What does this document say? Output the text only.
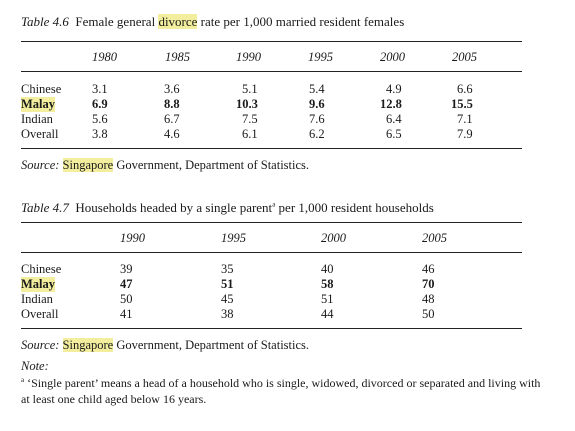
Table 4.6 Female general divorce rate per 1,000 married resident females
1980	1985	1990	1995	2000	2005
Chinese 3.1	3.6	5.1	5.4	4.9	6.6
Malay	6.9	8.8	10.3	9.6	12.8	15.5
Indian	5.6	6.7	7.5	7.6	6.4	7.1
Overall	3.8	4.6	6.1	6.2	6.5	7.9
Source: Singapore Government, Department of Statistics.
Table 4.7 Households headed by a single parent$^a$ per 1,000 resident households
1990	1995	2000	2005
Chinese	39	35	40	46
Malay	47	51	58	70
Indian	50	45	51	48
Overall	41	38	44	50
Source: Singapore Government, Department of Statistics.
Note:
$^a$ ‘Single parent’ means a head of a household who is single, widowed, divorced or separated and living with at least one child aged below 16 years.
